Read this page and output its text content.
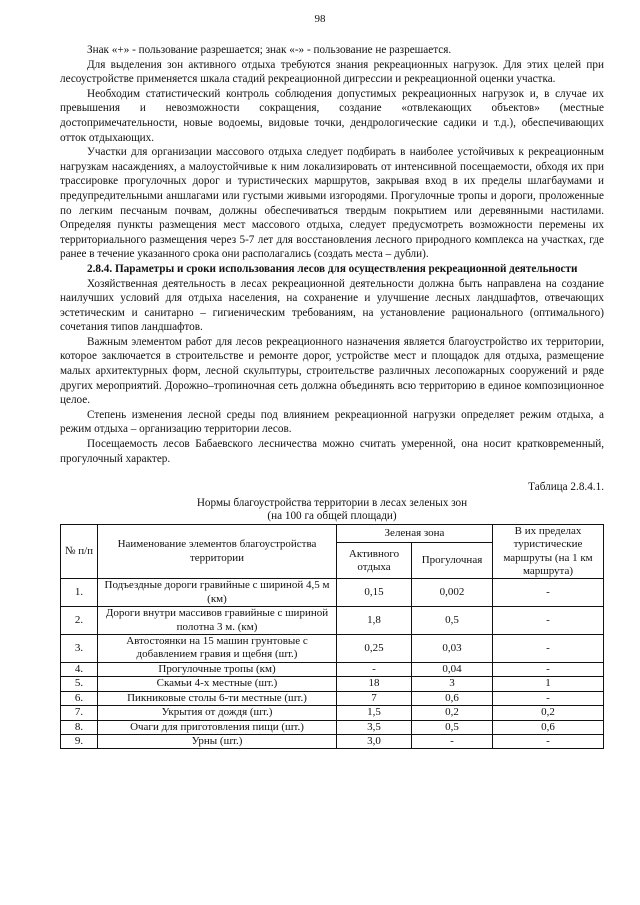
98

Знак «+» - пользование разрешается; знак «-» - пользование не разрешается.

Для выделения зон активного отдыха требуются знания рекреационных нагрузок. Для этих целей при лесоустройстве применяется шкала стадий рекреационной дигрессии и рекреационной оценки участка.

Необходим статистический контроль соблюдения допустимых рекреационных нагрузок и, в случае их превышения и невозможности сокращения, создание «отвлекающих объектов» (местные достопримечательности, новые водоемы, видовые точки, дендрологические садики и т.д.), обеспечивающих отток отдыхающих.

Участки для организации массового отдыха следует подбирать в наиболее устойчивых к рекреационным нагрузкам насаждениях, а малоустойчивые к ним локализировать от интенсивной посещаемости, обходя их при трассировке прогулочных дорог и туристических маршрутов, закрывая вход в их пределы шлагбаумами и предупредительными аншлагами или густыми живыми изгородями. Прогулочные тропы и дороги, проложенные по легким песчаным почвам, должны обеспечиваться твердым покрытием или деревянными настилами. Определяя пункты размещения мест массового отдыха, следует предусмотреть возможности перемены их территориального размещения через 5-7 лет для восстановления лесного природного комплекса на участках, где ранее в течение указанного срока они располагались (создать места – дубли).

2.8.4. Параметры и сроки использования лесов для осуществления рекреационной деятельности

Хозяйственная деятельность в лесах рекреационной деятельности должна быть направлена на создание наилучших условий для отдыха населения, на сохранение и улучшение лесных ландшафтов, отвечающих эстетическим и санитарно – гигиеническим требованиям, на установление рационального (оптимального) сочетания типов ландшафтов.

Важным элементом работ для лесов рекреационного назначения является благоустройство их территории, которое заключается в строительстве и ремонте дорог, устройстве мест и площадок для отдыха, размещение малых архитектурных форм, лесной скульптуры, строительстве различных лесопожарных сооружений и ряде других мероприятий. Дорожно–тропиночная сеть должна объединять всю территорию в единое композиционное целое.

Степень изменения лесной среды под влиянием рекреационной нагрузки определяет режим отдыха, а режим отдыха – организацию территории лесов.

Посещаемость лесов Бабаевского лесничества можно считать умеренной, она носит кратковременный, прогулочный характер.

Таблица 2.8.4.1.
Нормы благоустройства территории в лесах зеленых зон
(на 100 га общей площади)
№ п/п	Наименование элементов благоустройства территории	Зеленая зона		В их пределах туристические маршруты (на 1 км маршрута)
		Активного отдыха	Прогулочная	
1.	Подъездные дороги гравийные с шириной 4,5 м (км)	0,15	0,002	-
2.	Дороги внутри массивов гравийные с шириной полотна 3 м. (км)	1,8	0,5	-
3.	Автостоянки на 15 машин грунтовые с добавлением гравия и щебня (шт.)	0,25	0,03	-
4.	Прогулочные тропы (км)	-	0,04	-
5.	Скамьи 4-х местные (шт.)	18	3	1
6.	Пикниковые столы 6-ти местные (шт.)	7	0,6	-
7.	Укрытия от дождя (шт.)	1,5	0,2	0,2
8.	Очаги для приготовления пищи (шт.)	3,5	0,5	0,6
9.	Урны (шт.)	3,0	-	-
